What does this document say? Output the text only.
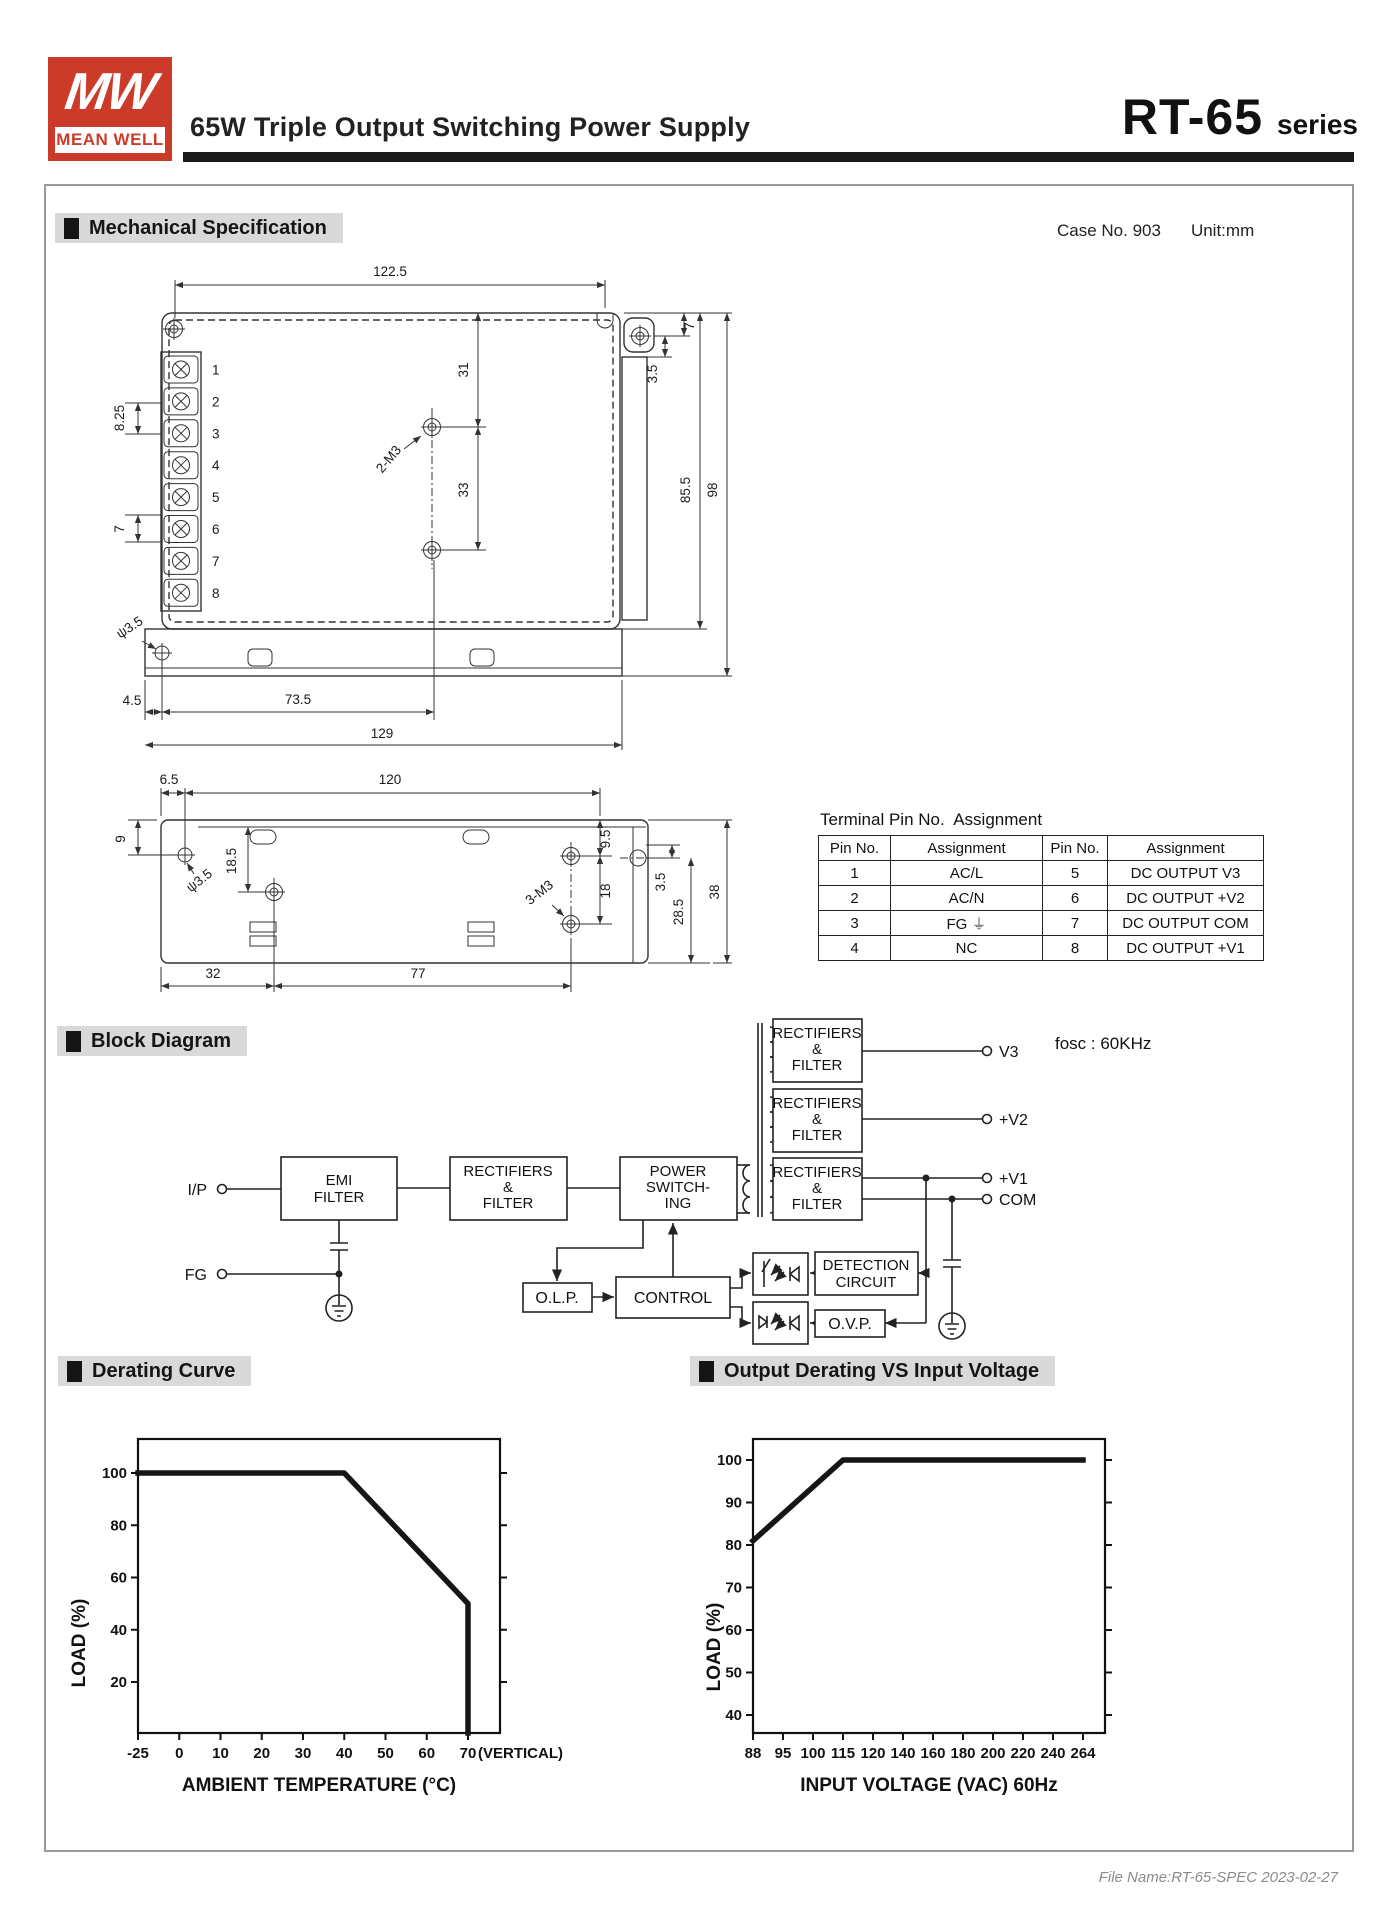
MW
MEAN WELL 65W Triple Output Switching Power Supply	RT-65 series
Mechanical Specification	Case No. 903 Unit:mm
1
2
3
4
5
6
7
8
122.5
31
33
2-M3
7
3.5
85.5 98
8.25
7
ψ3.5
4.5	73.5
129
6.5	120
9
18.5
ψ3.5
9.5
18
3-M3	3.5
28.5
38
32	77
Terminal Pin No.  Assignment
Pin No.	Assignment	Pin No.	Assignment
1	AC/L	5	DC OUTPUT V3
2	AC/N	6	DC OUTPUT +V2
3	FG ⏚	7	DC OUTPUT COM
4	NC	8	DC OUTPUT +V1
Block Diagram
I/P
FG
EMI
FILTER
RECTIFIERS
&
FILTER
POWER
SWITCH-
ING
RECTIFIERS
&
FILTER
RECTIFIERS
&
FILTER
RECTIFIERS
&
FILTER
V3
+V2
+V1
COM
fosc : 60KHz
O.L.P.	CONTROL
DETECTION
CIRCUIT
O.V.P.
Derating Curve	Output Derating VS Input Voltage
-25 0 10 20 30 40 50 60 70 (VERTICAL)
20
40
60
80
100
LOAD (%)
AMBIENT TEMPERATURE (°C)
88 95 100 115 120 140 160 180 200 220 240 264
40
50
60
70
80
90
100
LOAD (%)
INPUT VOLTAGE (VAC) 60Hz
File Name:RT-65-SPEC 2023-02-27
